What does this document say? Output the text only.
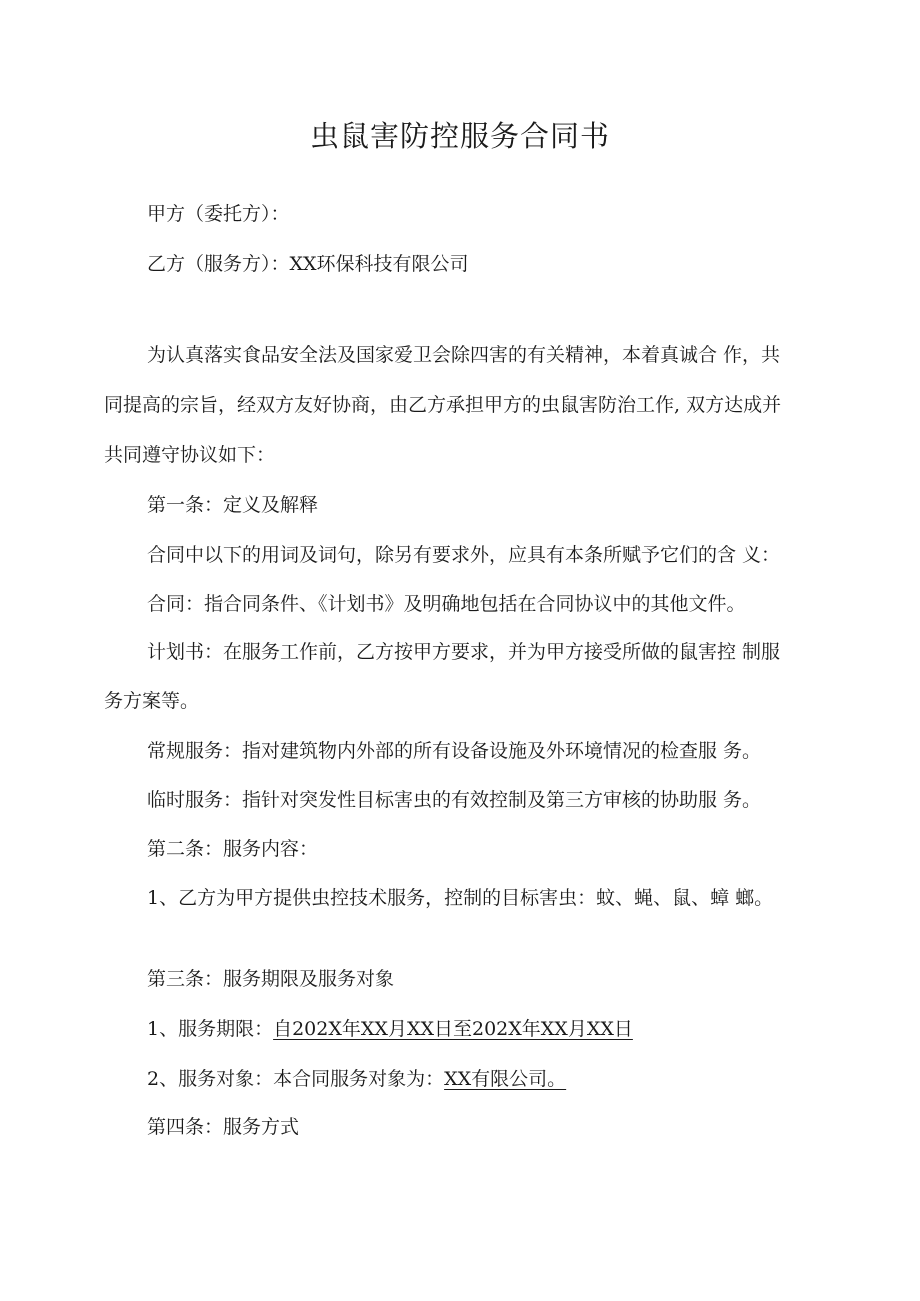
虫鼠害防控服务合同书
甲方（委托方）：
乙方（服务方）：XX环保科技有限公司
为认真落实食品安全法及国家爱卫会除四害的有关精神，本着真诚合 作，共
同提高的宗旨，经双方友好协商，由乙方承担甲方的虫鼠害防治工作, 双方达成并
共同遵守协议如下：
第一条：定义及解释
合同中以下的用词及词句，除另有要求外，应具有本条所赋予它们的含 义：
合同：指合同条件、《计划书》及明确地包括在合同协议中的其他文件。
计划书：在服务工作前，乙方按甲方要求，并为甲方接受所做的鼠害控 制服
务方案等。
常规服务：指对建筑物内外部的所有设备设施及外环境情况的检查服 务。
临时服务：指针对突发性目标害虫的有效控制及第三方审核的协助服 务。
第二条：服务内容：
1、乙方为甲方提供虫控技术服务，控制的目标害虫：蚊、蝇、鼠、蟑 螂。
第三条：服务期限及服务对象
1、服务期限：自202X年XX月XX日至202X年XX月XX日
2、服务对象：本合同服务对象为：XX有限公司。
第四条：服务方式
